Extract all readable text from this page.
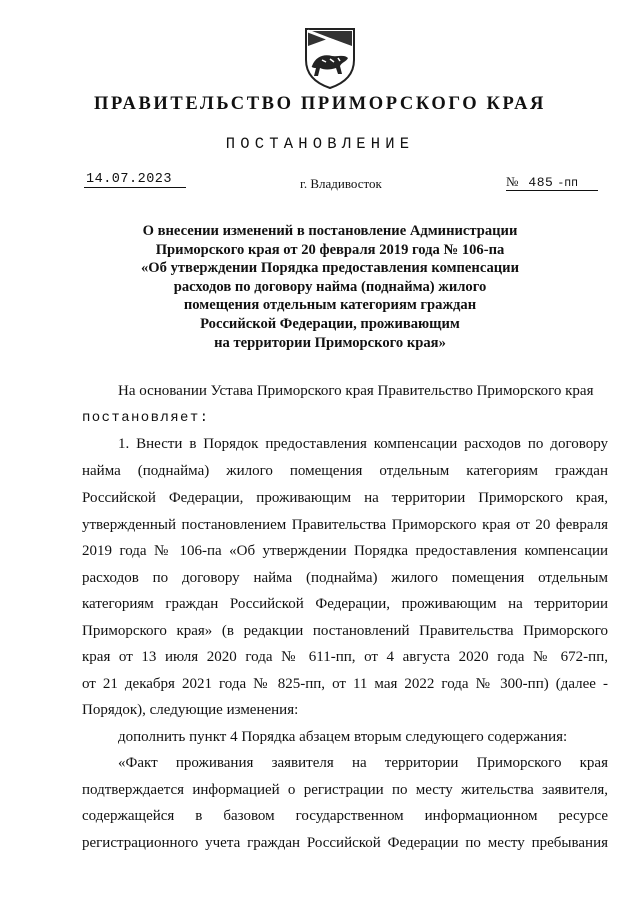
ПРАВИТЕЛЬСТВО ПРИМОРСКОГО КРАЯ
ПОСТАНОВЛЕНИЕ
14.07.2023	г. Владивосток	№ 485 -пп
О внесении изменений в постановление Администрации
Приморского края от 20 февраля 2019 года № 106-па
«Об утверждении Порядка предоставления компенсации
расходов по договору найма (поднайма) жилого
помещения отдельным категориям граждан
Российской Федерации, проживающим
на территории Приморского края»
На основании Устава Приморского края Правительство Приморского края
постановляет:
1. Внести в Порядок предоставления компенсации расходов по договору
найма (поднайма) жилого помещения отдельным категориям граждан
Российской Федерации, проживающим на территории Приморского края,
утвержденный постановлением Правительства Приморского края от 20 февраля
2019 года № 106-па «Об утверждении Порядка предоставления компенсации
расходов по договору найма (поднайма) жилого помещения отдельным
категориям граждан Российской Федерации, проживающим на территории
Приморского края» (в редакции постановлений Правительства Приморского
края от 13 июля 2020 года № 611-пп, от 4 августа 2020 года № 672-пп,
от 21 декабря 2021 года № 825-пп, от 11 мая 2022 года № 300-пп) (далее -
Порядок), следующие изменения:
дополнить пункт 4 Порядка абзацем вторым следующего содержания:
«Факт проживания заявителя на территории Приморского края
подтверждается информацией о регистрации по месту жительства заявителя,
содержащейся в базовом государственном информационном ресурсе
регистрационного учета граждан Российской Федерации по месту пребывания
